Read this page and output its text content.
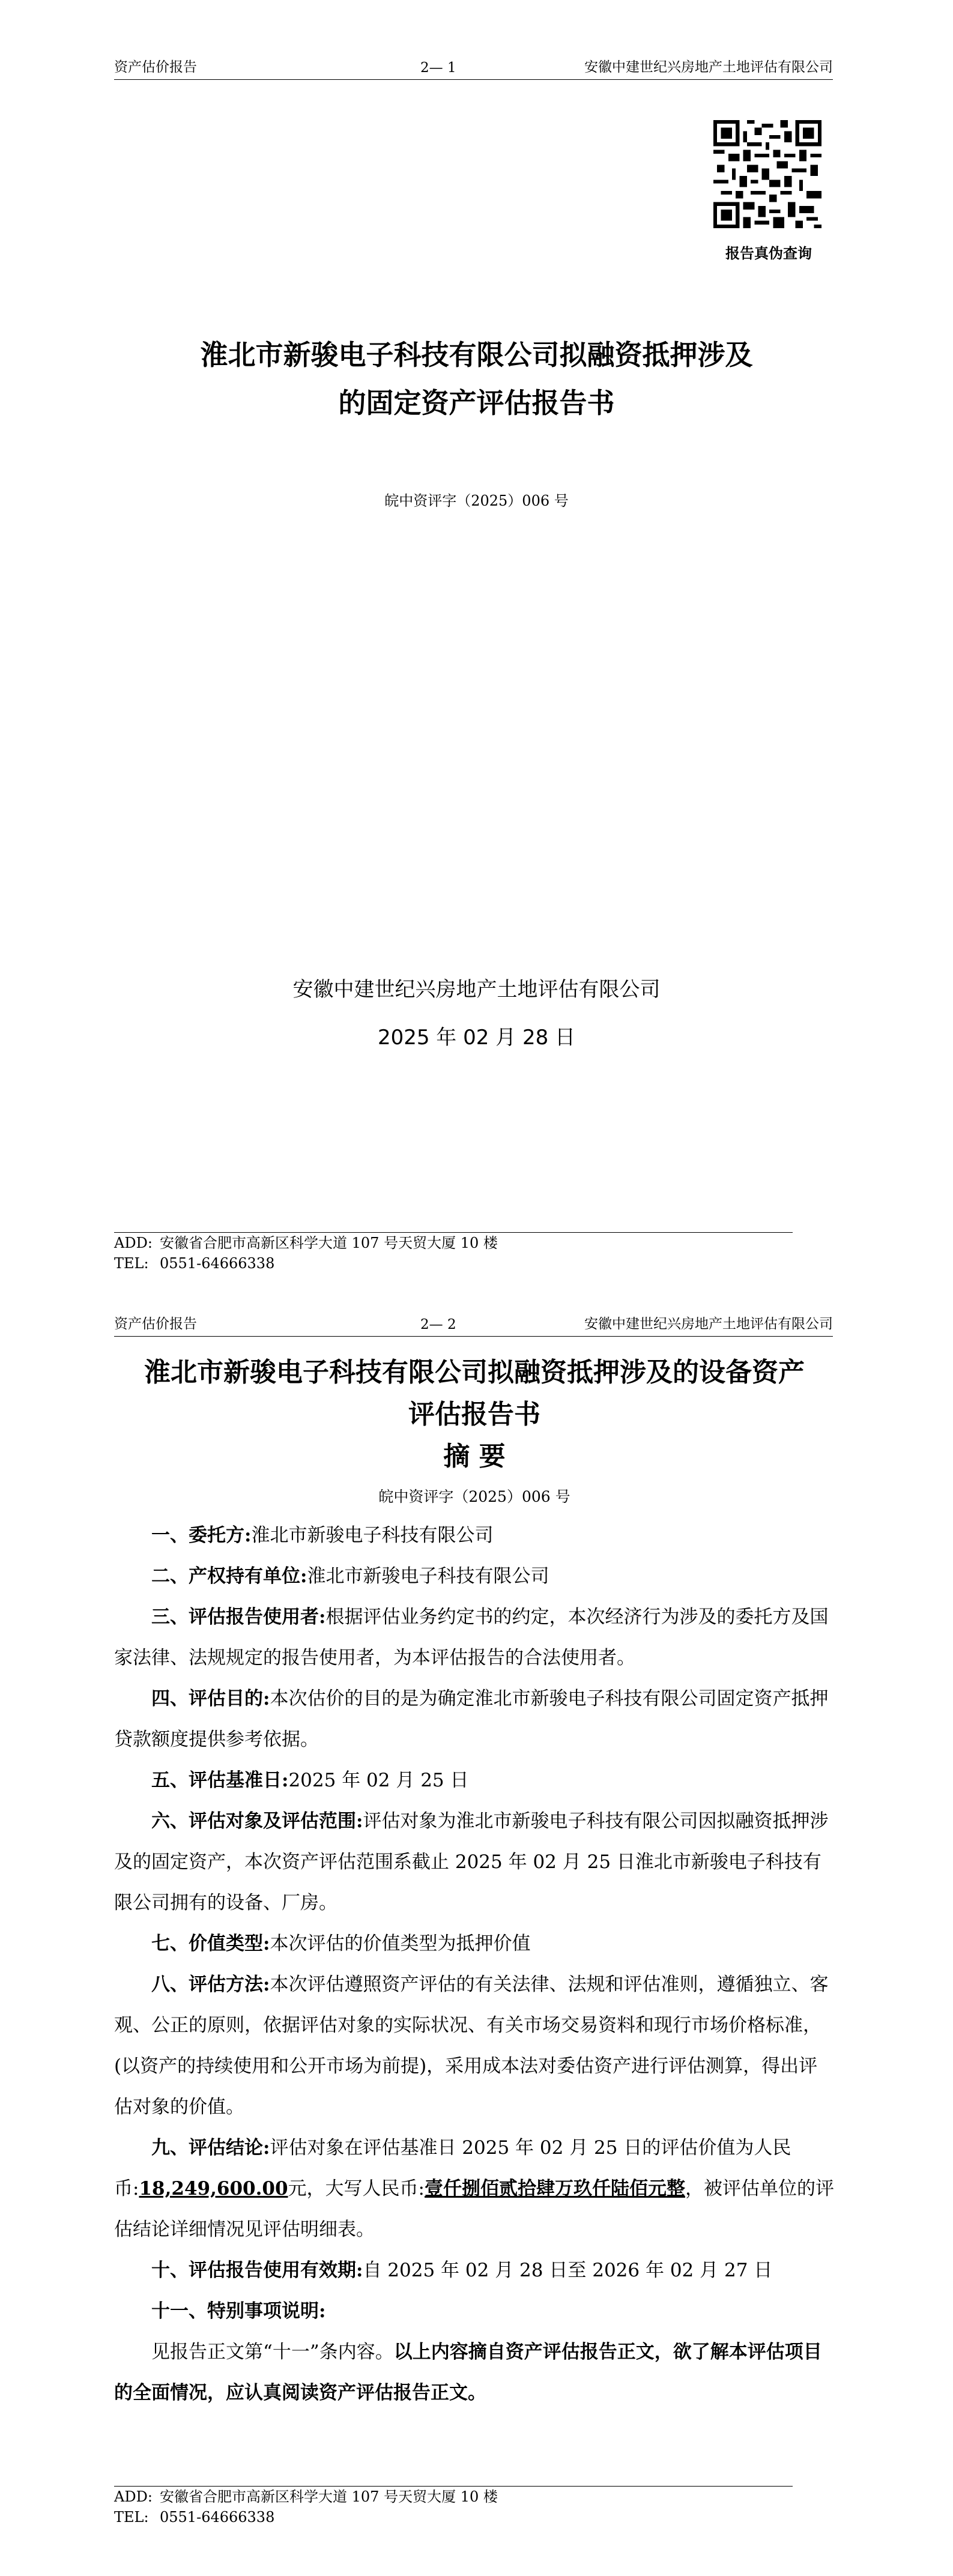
资产估价报告	2— 1	安徽中建世纪兴房地产土地评估有限公司
报告真伪查询
淮北市新骏电子科技有限公司拟融资抵押涉及
的固定资产评估报告书
皖中资评字（2025）006 号
安徽中建世纪兴房地产土地评估有限公司
2025 年 02 月 28 日
ADD: 安徽省合肥市高新区科学大道 107 号天贸大厦 10 楼
TEL: 0551-64666338
资产估价报告	2— 2	安徽中建世纪兴房地产土地评估有限公司
淮北市新骏电子科技有限公司拟融资抵押涉及的设备资产
评估报告书
摘 要
皖中资评字（2025）006 号

一、委托方:淮北市新骏电子科技有限公司

二、产权持有单位:淮北市新骏电子科技有限公司

三、评估报告使用者:根据评估业务约定书的约定，本次经济行为涉及的委托方及国家法律、法规规定的报告使用者，为本评估报告的合法使用者。

四、评估目的:本次估价的目的是为确定淮北市新骏电子科技有限公司固定资产抵押贷款额度提供参考依据。

五、评估基准日:2025 年 02 月 25 日

六、评估对象及评估范围:评估对象为淮北市新骏电子科技有限公司因拟融资抵押涉及的固定资产，本次资产评估范围系截止 2025 年 02 月 25 日淮北市新骏电子科技有限公司拥有的设备、厂房。

七、价值类型:本次评估的价值类型为抵押价值

八、评估方法:本次评估遵照资产评估的有关法律、法规和评估准则，遵循独立、客观、公正的原则，依据评估对象的实际状况、有关市场交易资料和现行市场价格标准，(以资产的持续使用和公开市场为前提)，采用成本法对委估资产进行评估测算，得出评估对象的价值。

九、评估结论:评估对象在评估基准日 2025 年 02 月 25 日的评估价值为人民币:18,249,600.00元，大写人民币:壹仟捌佰贰拾肆万玖仟陆佰元整，被评估单位的评估结论详细情况见评估明细表。

十、评估报告使用有效期:自 2025 年 02 月 28 日至 2026 年 02 月 27 日

十一、特别事项说明:

见报告正文第“十一”条内容。以上内容摘自资产评估报告正文，欲了解本评估项目的全面情况，应认真阅读资产评估报告正文。

ADD: 安徽省合肥市高新区科学大道 107 号天贸大厦 10 楼
TEL: 0551-64666338
